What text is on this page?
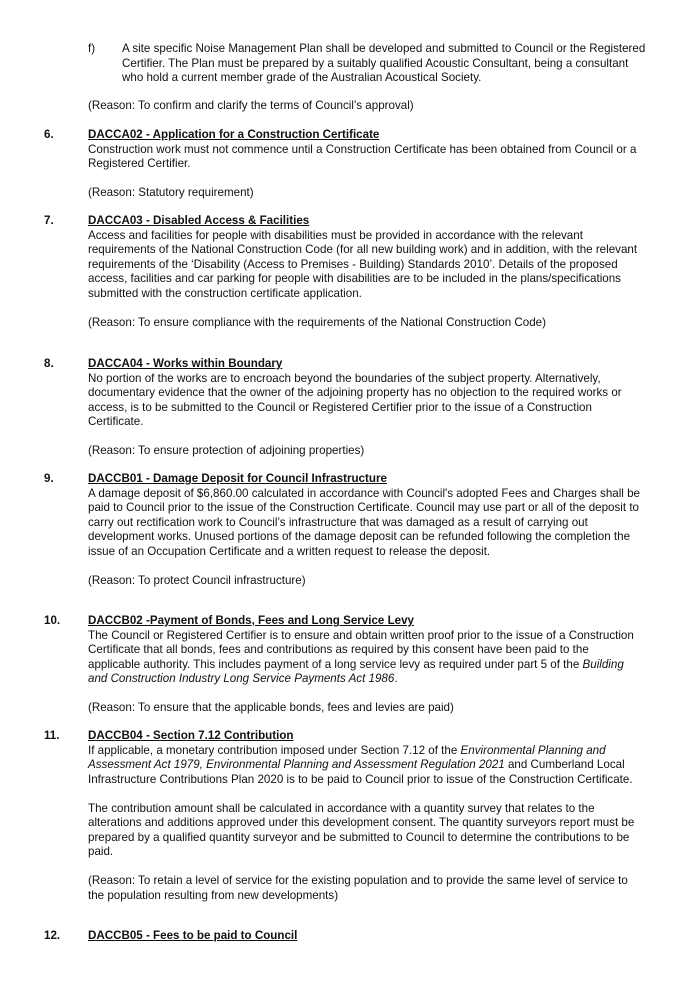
f) A site specific Noise Management Plan shall be developed and submitted to Council or the Registered Certifier. The Plan must be prepared by a suitably qualified Acoustic Consultant, being a consultant who hold a current member grade of the Australian Acoustical Society.

(Reason: To confirm and clarify the terms of Council’s approval)

6.	DACCA02 - Application for a Construction Certificate

Construction work must not commence until a Construction Certificate has been obtained from Council or a Registered Certifier.

(Reason: Statutory requirement)

7.	DACCA03 - Disabled Access & Facilities

Access and facilities for people with disabilities must be provided in accordance with the relevant requirements of the National Construction Code (for all new building work) and in addition, with the relevant requirements of the ‘Disability (Access to Premises - Building) Standards 2010’. Details of the proposed access, facilities and car parking for people with disabilities are to be included in the plans/specifications submitted with the construction certificate application.

(Reason: To ensure compliance with the requirements of the National Construction Code)

8.	DACCA04 - Works within Boundary

No portion of the works are to encroach beyond the boundaries of the subject property. Alternatively, documentary evidence that the owner of the adjoining property has no objection to the required works or access, is to be submitted to the Council or Registered Certifier prior to the issue of a Construction Certificate.

(Reason: To ensure protection of adjoining properties)

9.	DACCB01 - Damage Deposit for Council Infrastructure

A damage deposit of $6,860.00 calculated in accordance with Council's adopted Fees and Charges shall be paid to Council prior to the issue of the Construction Certificate. Council may use part or all of the deposit to carry out rectification work to Council’s infrastructure that was damaged as a result of carrying out development works. Unused portions of the damage deposit can be refunded following the completion the issue of an Occupation Certificate and a written request to release the deposit.

(Reason: To protect Council infrastructure)

10. DACCB02 -Payment of Bonds, Fees and Long Service Levy

The Council or Registered Certifier is to ensure and obtain written proof prior to the issue of a Construction Certificate that all bonds, fees and contributions as required by this consent have been paid to the applicable authority. This includes payment of a long service levy as required under part 5 of the Building and Construction Industry Long Service Payments Act 1986.

(Reason: To ensure that the applicable bonds, fees and levies are paid)

11. DACCB04 - Section 7.12 Contribution

If applicable, a monetary contribution imposed under Section 7.12 of the Environmental Planning and Assessment Act 1979, Environmental Planning and Assessment Regulation 2021 and Cumberland Local Infrastructure Contributions Plan 2020 is to be paid to Council prior to issue of the Construction Certificate.

The contribution amount shall be calculated in accordance with a quantity survey that relates to the alterations and additions approved under this development consent. The quantity surveyors report must be prepared by a qualified quantity surveyor and be submitted to Council to determine the contributions to be paid.

(Reason: To retain a level of service for the existing population and to provide the same level of service to the population resulting from new developments)

12. DACCB05 - Fees to be paid to Council
